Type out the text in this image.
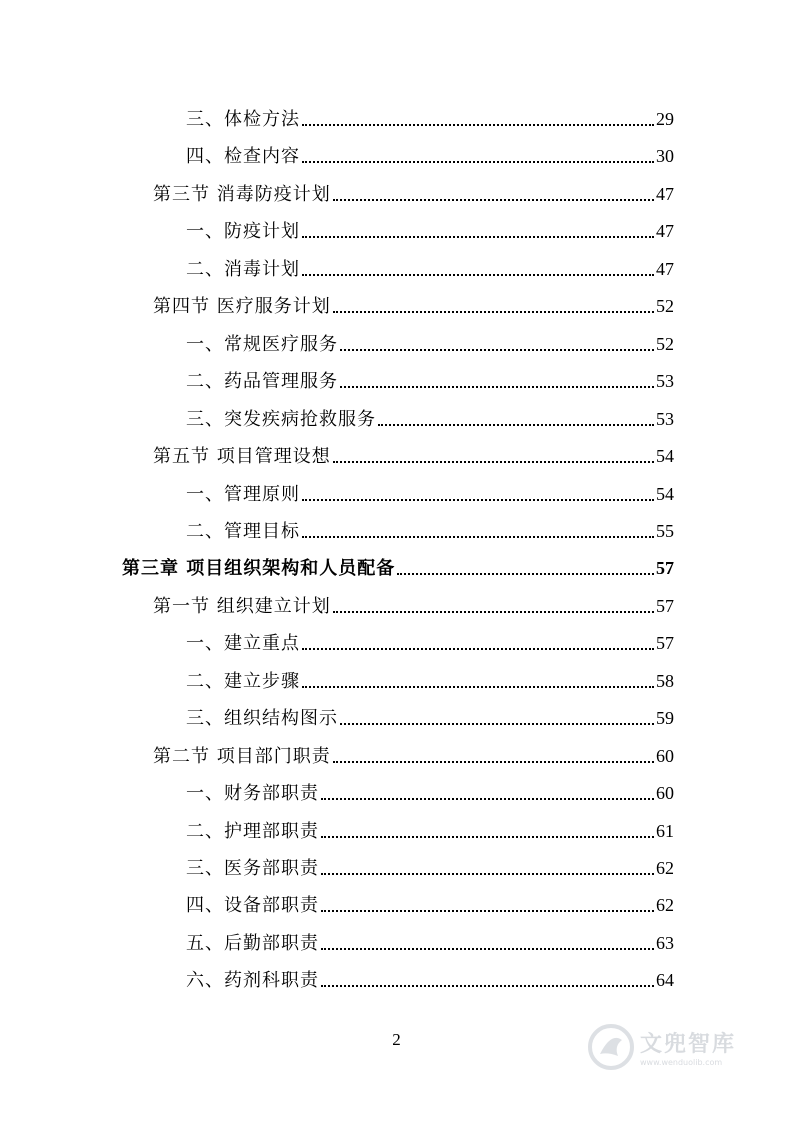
三、体检方法	29
四、检查内容	30
第三节 消毒防疫计划	47
一、防疫计划	47
二、消毒计划	47
第四节 医疗服务计划	52
一、常规医疗服务	52
二、药品管理服务	53
三、突发疾病抢救服务	53
第五节 项目管理设想	54
一、管理原则	54
二、管理目标	55
第三章 项目组织架构和人员配备	57
第一节 组织建立计划	57
一、建立重点	57
二、建立步骤	58
三、组织结构图示	59
第二节 项目部门职责	60
一、财务部职责	60
二、护理部职责	61
三、医务部职责	62
四、设备部职责	62
五、后勤部职责	63
六、药剂科职责	64
2	文兜智库
www.wenduolib.com
